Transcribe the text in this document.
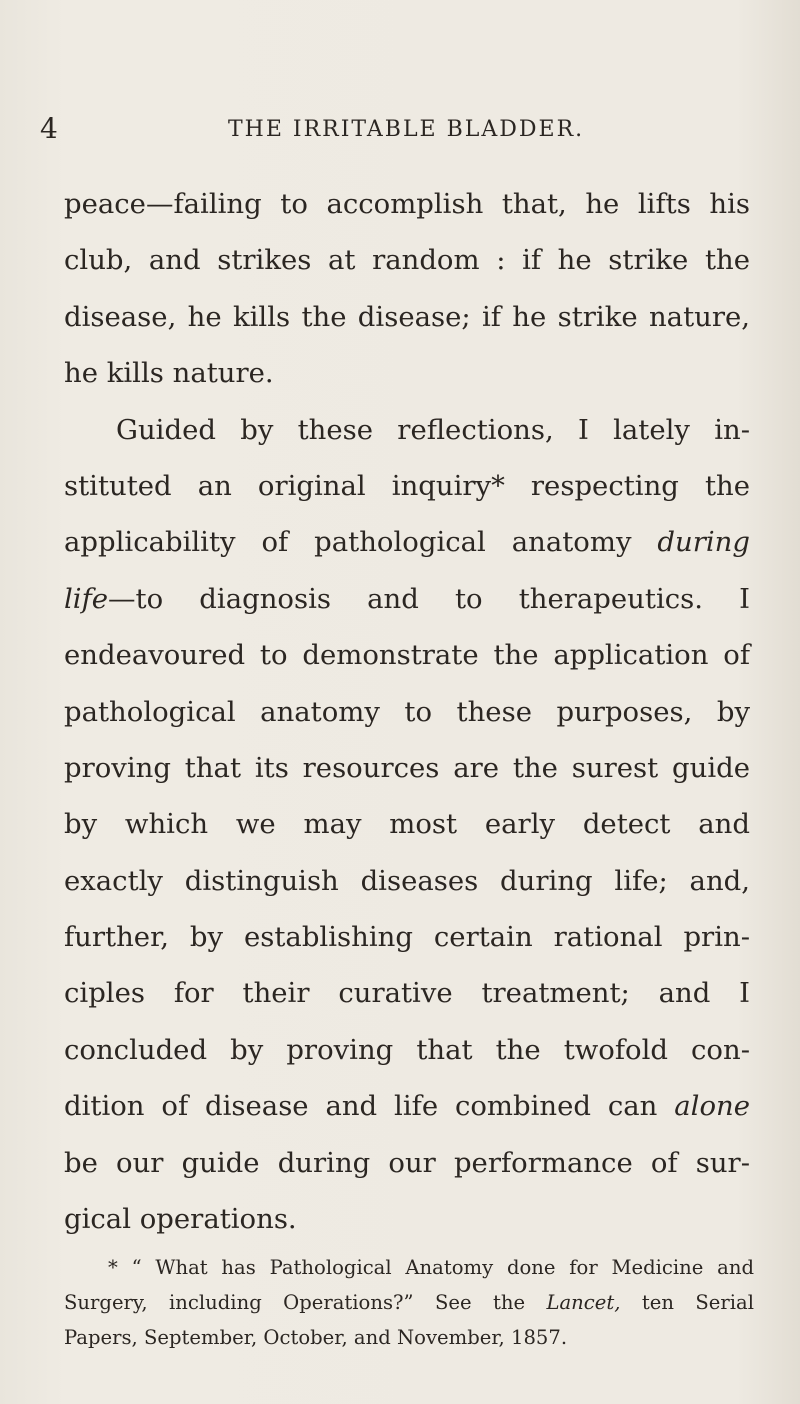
4	THE IRRITABLE BLADDER.
peace—failing to accomplish that, he lifts his
club, and strikes at random : if he strike the
disease, he kills the disease; if he strike nature,
he kills nature.
Guided by these reflections, I lately in-
stituted an original inquiry* respecting the
applicability of pathological anatomy during
life—to diagnosis and to therapeutics. I
endeavoured to demonstrate the application of
pathological anatomy to these purposes, by
proving that its resources are the surest guide
by which we may most early detect and
exactly distinguish diseases during life; and,
further, by establishing certain rational prin-
ciples for their curative treatment; and I
concluded by proving that the twofold con-
dition of disease and life combined can alone
be our guide during our performance of sur-
gical operations.
* “ What has Pathological Anatomy done for Medicine and
Surgery, including Operations?” See the Lancet, ten Serial
Papers, September, October, and November, 1857.
